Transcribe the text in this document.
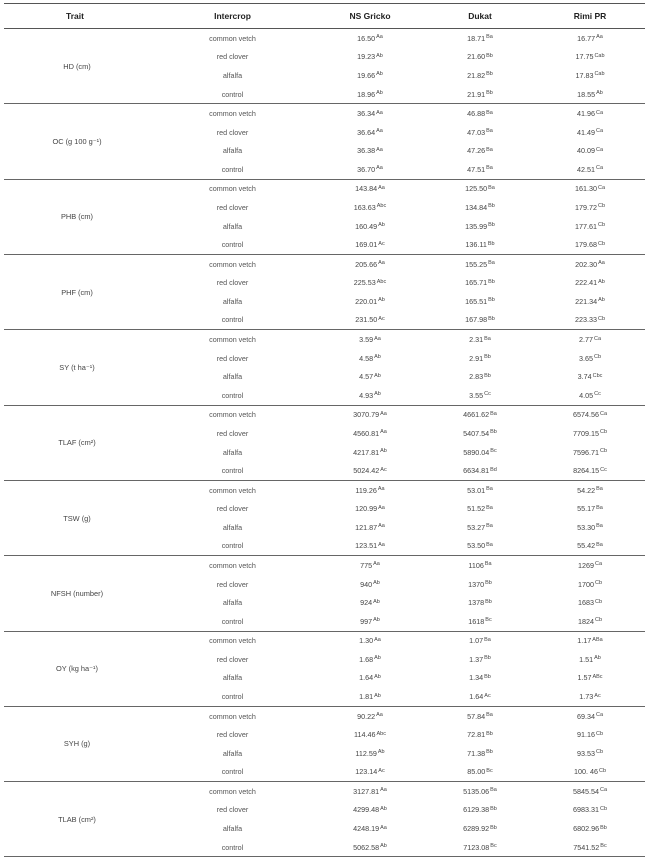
Trait	Intercrop	NS Gricko	Dukat	Rimi PR
HD (cm)	common vetch	$16.50^{Aa}$	$18.71^{Ba}$	$16.77^{Aa}$
	red clover	$19.23^{Ab}$	$21.60^{Bb}$	$17.75^{Cab}$
	alfalfa	$19.66^{Ab}$	$21.82^{Bb}$	$17.83^{Cab}$
	control	$18.96^{Ab}$	$21.91^{Bb}$	$18.55^{Ab}$
OC (g 100 g⁻¹)	common vetch	$36.34^{Aa}$	$46.88^{Ba}$	$41.96^{Ca}$
	red clover	$36.64^{Aa}$	$47.03^{Ba}$	$41.49^{Ca}$
	alfalfa	$36.38^{Aa}$	$47.26^{Ba}$	$40.09^{Ca}$
	control	$36.70^{Aa}$	$47.51^{Ba}$	$42.51^{Ca}$
PHB (cm)	common vetch	$143.84^{Aa}$	$125.50^{Ba}$	$161.30^{Ca}$
	red clover	$163.63^{Abc}$	$134.84^{Bb}$	$179.72^{Cb}$
	alfalfa	$160.49^{Ab}$	$135.99^{Bb}$	$177.61^{Cb}$
	control	$169.01^{Ac}$	$136.11^{Bb}$	$179.68^{Cb}$
PHF (cm)	common vetch	$205.66^{Aa}$	$155.25^{Ba}$	$202.30^{Aa}$
	red clover	$225.53^{Abc}$	$165.71^{Bb}$	$222.41^{Ab}$
	alfalfa	$220.01^{Ab}$	$165.51^{Bb}$	$221.34^{Ab}$
	control	$231.50^{Ac}$	$167.98^{Bb}$	$223.33^{Cb}$
SY (t ha⁻¹)	common vetch	$3.59^{Aa}$	$2.31^{Ba}$	$2.77^{Ca}$
	red clover	$4.58^{Ab}$	$2.91^{Bb}$	$3.65^{Cb}$
	alfalfa	$4.57^{Ab}$	$2.83^{Bb}$	$3.74^{Cbc}$
	control	$4.93^{Ab}$	$3.55^{Cc}$	$4.05^{Cc}$
TLAF (cm²)	common vetch	$3070.79^{Aa}$	$4661.62^{Ba}$	$6574.56^{Ca}$
	red clover	$4560.81^{Aa}$	$5407.54^{Bb}$	$7709.15^{Cb}$
	alfalfa	$4217.81^{Ab}$	$5890.04^{Bc}$	$7596.71^{Cb}$
	control	$5024.42^{Ac}$	$6634.81^{Bd}$	$8264.15^{Cc}$
TSW (g)	common vetch	$119.26^{Aa}$	$53.01^{Ba}$	$54.22^{Ba}$
	red clover	$120.99^{Aa}$	$51.52^{Ba}$	$55.17^{Ba}$
	alfalfa	$121.87^{Aa}$	$53.27^{Ba}$	$53.30^{Ba}$
	control	$123.51^{Aa}$	$53.50^{Ba}$	$55.42^{Ba}$
NFSH (number)	common vetch	$775^{Aa}$	$1106^{Ba}$	$1269^{Ca}$
	red clover	$940^{Ab}$	$1370^{Bb}$	$1700^{Cb}$
	alfalfa	$924^{Ab}$	$1378^{Bb}$	$1683^{Cb}$
	control	$997^{Ab}$	$1618^{Bc}$	$1824^{Cb}$
OY (kg ha⁻¹)	common vetch	$1.30^{Aa}$	$1.07^{Ba}$	$1.17^{ABa}$
	red clover	$1.68^{Ab}$	$1.37^{Bb}$	$1.51^{Ab}$
	alfalfa	$1.64^{Ab}$	$1.34^{Bb}$	$1.57^{ABc}$
	control	$1.81^{Ab}$	$1.64^{Ac}$	$1.73^{Ac}$
SYH (g)	common vetch	$90.22^{Aa}$	$57.84^{Ba}$	$69.34^{Ca}$
	red clover	$114.46^{Abc}$	$72.81^{Bb}$	$91.16^{Cb}$
	alfalfa	$112.59^{Ab}$	$71.38^{Bb}$	$93.53^{Cb}$
	control	$123.14^{Ac}$	$85.00^{Bc}$	100. $46^{Cb}$
TLAB (cm²)	common vetch	$3127.81^{Aa}$	$5135.06^{Ba}$	$5845.54^{Ca}$
	red clover	$4299.48^{Ab}$	$6129.38^{Bb}$	$6983.31^{Cb}$
	alfalfa	$4248.19^{Aa}$	$6289.92^{Bb}$	$6802.96^{Bb}$
	control	$5062.58^{Ab}$	$7123.08^{Bc}$	$7541.52^{Bc}$
